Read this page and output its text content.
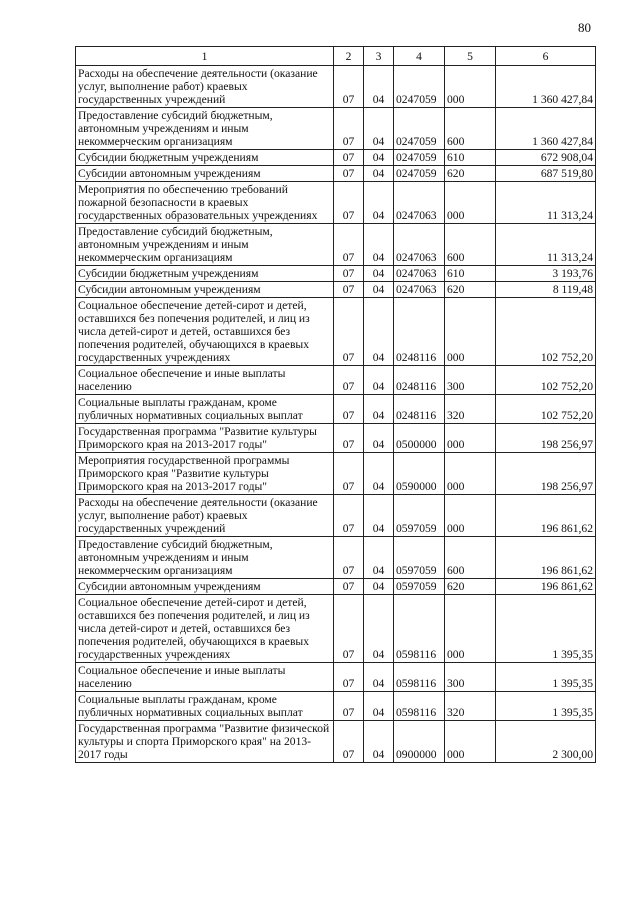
80
1	2	3	4	5	6
Расходы на обеспечение деятельности (оказание услуг, выполнение работ) краевых государственных учреждений	07	04	0247059	000	1 360 427,84
Предоставление субсидий бюджетным, автономным учреждениям и иным некоммерческим организациям	07	04	0247059	600	1 360 427,84
Субсидии бюджетным учреждениям	07	04	0247059	610	672 908,04
Субсидии автономным учреждениям	07	04	0247059	620	687 519,80
Мероприятия по обеспечению требований пожарной безопасности в краевых государственных образовательных учреждениях	07	04	0247063	000	11 313,24
Предоставление субсидий бюджетным, автономным учреждениям и иным некоммерческим организациям	07	04	0247063	600	11 313,24
Субсидии бюджетным учреждениям	07	04	0247063	610	3 193,76
Субсидии автономным учреждениям	07	04	0247063	620	8 119,48
Социальное обеспечение детей-сирот и детей, оставшихся без попечения родителей, и лиц из числа детей-сирот и детей, оставшихся без попечения родителей, обучающихся в краевых государственных учреждениях	07	04	0248116	000	102 752,20
Социальное обеспечение и иные выплаты населению	07	04	0248116	300	102 752,20
Социальные выплаты гражданам, кроме публичных нормативных социальных выплат	07	04	0248116	320	102 752,20
Государственная программа "Развитие культуры Приморского края на 2013-2017 годы"	07	04	0500000	000	198 256,97
Мероприятия государственной программы Приморского края "Развитие культуры Приморского края на 2013-2017 годы"	07	04	0590000	000	198 256,97
Расходы на обеспечение деятельности (оказание услуг, выполнение работ) краевых государственных учреждений	07	04	0597059	000	196 861,62
Предоставление субсидий бюджетным, автономным учреждениям и иным некоммерческим организациям	07	04	0597059	600	196 861,62
Субсидии автономным учреждениям	07	04	0597059	620	196 861,62
Социальное обеспечение детей-сирот и детей, оставшихся без попечения родителей, и лиц из числа детей-сирот и детей, оставшихся без попечения родителей, обучающихся в краевых государственных учреждениях	07	04	0598116	000	1 395,35
Социальное обеспечение и иные выплаты населению	07	04	0598116	300	1 395,35
Социальные выплаты гражданам, кроме публичных нормативных социальных выплат	07	04	0598116	320	1 395,35
Государственная программа "Развитие физической культуры и спорта Приморского края" на 2013-2017 годы	07	04	0900000	000	2 300,00
